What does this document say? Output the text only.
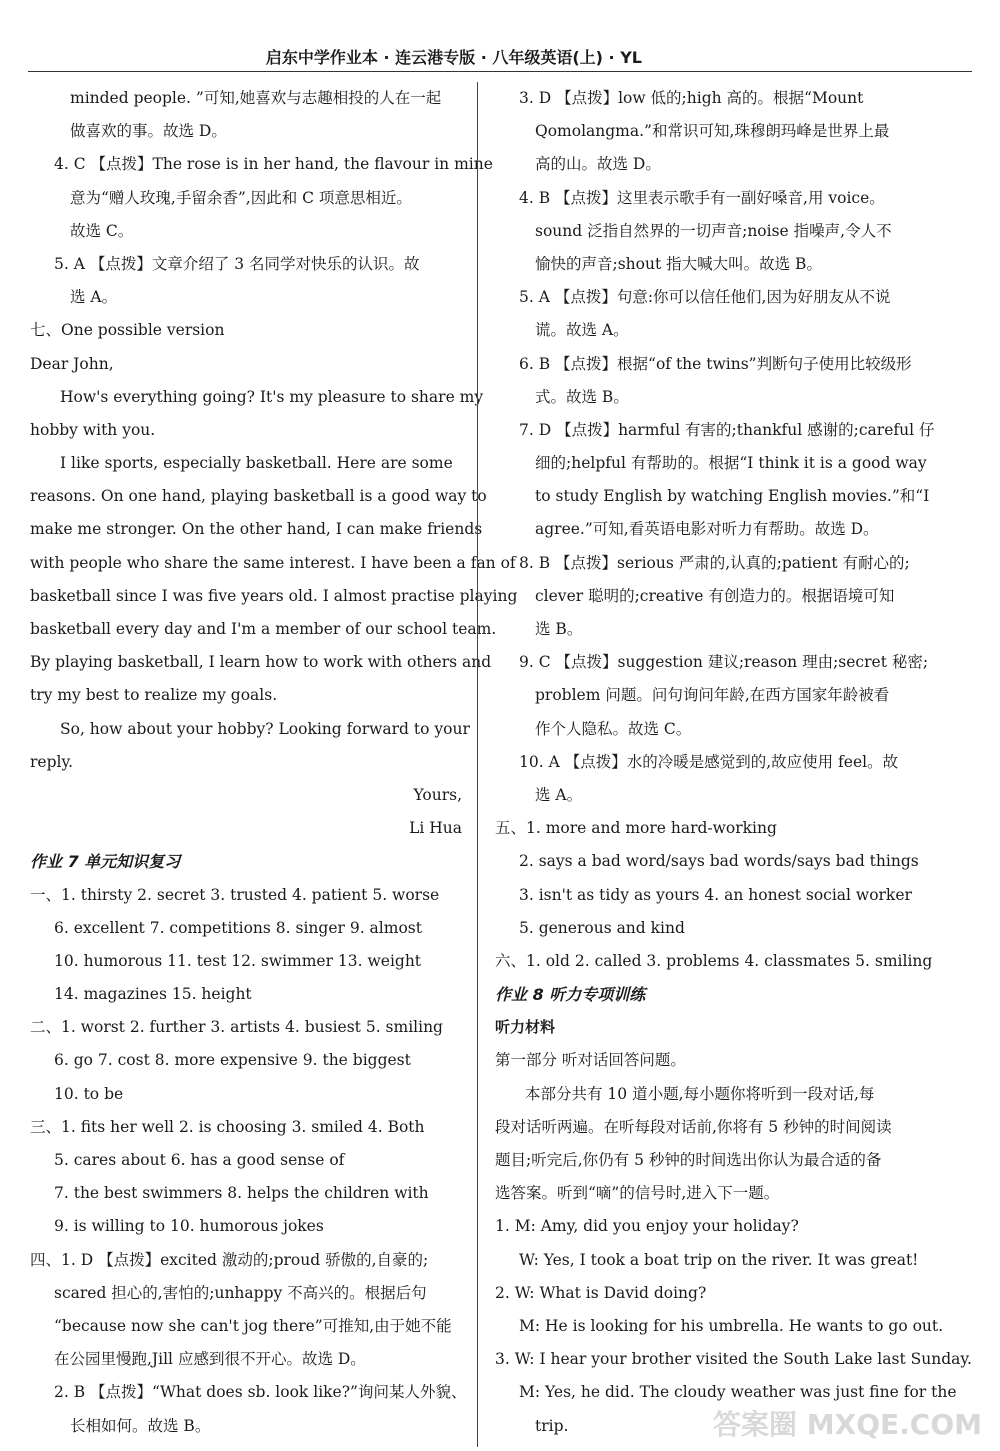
启东中学作业本 · 连云港专版 · 八年级英语(上) · YL
minded people. ”可知,她喜欢与志趣相投的人在一起
做喜欢的事。故选 D。
4. C 【点拨】The rose is in her hand, the flavour in mine
意为“赠人玫瑰,手留余香”,因此和 C 项意思相近。
故选 C。
5. A 【点拨】文章介绍了 3 名同学对快乐的认识。故
选 A。
七、One possible version
Dear John,
How's everything going? It's my pleasure to share my
hobby with you.
I like sports, especially basketball. Here are some
reasons. On one hand, playing basketball is a good way to
make me stronger. On the other hand, I can make friends
with people who share the same interest. I have been a fan of
basketball since I was five years old. I almost practise playing
basketball every day and I'm a member of our school team.
By playing basketball, I learn how to work with others and
try my best to realize my goals.
So, how about your hobby? Looking forward to your
reply.
Yours,
Li Hua
作业 7 单元知识复习
一、1. thirsty 2. secret 3. trusted 4. patient 5. worse
6. excellent 7. competitions 8. singer 9. almost
10. humorous 11. test 12. swimmer 13. weight
14. magazines 15. height
二、1. worst 2. further 3. artists 4. busiest 5. smiling
6. go 7. cost 8. more expensive 9. the biggest
10. to be
三、1. fits her well 2. is choosing 3. smiled 4. Both
5. cares about 6. has a good sense of
7. the best swimmers 8. helps the children with
9. is willing to 10. humorous jokes
四、1. D 【点拨】excited 激动的;proud 骄傲的,自豪的;
scared 担心的,害怕的;unhappy 不高兴的。根据后句
“because now she can't jog there”可推知,由于她不能
在公园里慢跑,Jill 应感到很不开心。故选 D。
2. B 【点拨】“What does sb. look like?”询问某人外貌、
长相如何。故选 B。
3. D 【点拨】low 低的;high 高的。根据“Mount
Qomolangma.”和常识可知,珠穆朗玛峰是世界上最
高的山。故选 D。
4. B 【点拨】这里表示歌手有一副好嗓音,用 voice。
sound 泛指自然界的一切声音;noise 指噪声,令人不
愉快的声音;shout 指大喊大叫。故选 B。
5. A 【点拨】句意:你可以信任他们,因为好朋友从不说
谎。故选 A。
6. B 【点拨】根据“of the twins”判断句子使用比较级形
式。故选 B。
7. D 【点拨】harmful 有害的;thankful 感谢的;careful 仔
细的;helpful 有帮助的。根据“I think it is a good way
to study English by watching English movies.”和“I
agree.”可知,看英语电影对听力有帮助。故选 D。
8. B 【点拨】serious 严肃的,认真的;patient 有耐心的;
clever 聪明的;creative 有创造力的。根据语境可知
选 B。
9. C 【点拨】suggestion 建议;reason 理由;secret 秘密;
problem 问题。问句询问年龄,在西方国家年龄被看
作个人隐私。故选 C。
10. A 【点拨】水的冷暖是感觉到的,故应使用 feel。故
选 A。
五、1. more and more hard-working
2. says a bad word/says bad words/says bad things
3. isn't as tidy as yours 4. an honest social worker
5. generous and kind
六、1. old 2. called 3. problems 4. classmates 5. smiling
作业 8 听力专项训练
听力材料
第一部分 听对话回答问题。
本部分共有 10 道小题,每小题你将听到一段对话,每
段对话听两遍。在听每段对话前,你将有 5 秒钟的时间阅读
题目;听完后,你仍有 5 秒钟的时间选出你认为最合适的备
选答案。听到“嘀”的信号时,进入下一题。
1. M: Amy, did you enjoy your holiday?
W: Yes, I took a boat trip on the river. It was great!
2. W: What is David doing?
M: He is looking for his umbrella. He wants to go out.
3. W: I hear your brother visited the South Lake last Sunday.
M: Yes, he did. The cloudy weather was just fine for the
trip.	答案圈 MXQE.COM
